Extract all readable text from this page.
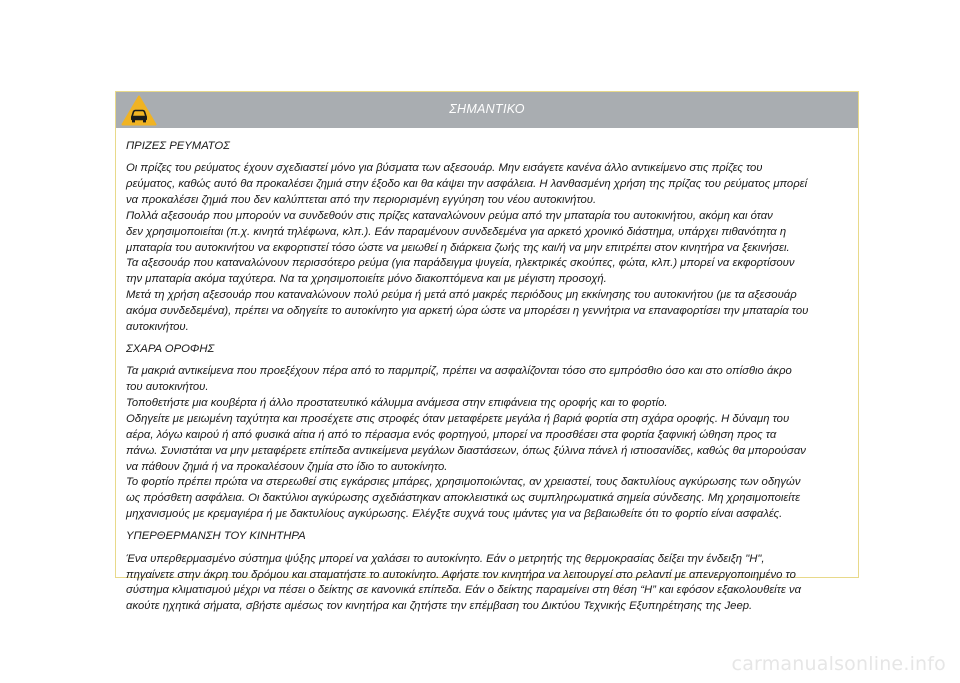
ΣΗΜΑΝΤΙΚΟ

ΠΡΙΖΕΣ ΡΕΥΜΑΤΟΣ

Οι πρίζες του ρεύματος έχουν σχεδιαστεί μόνο για βύσματα των αξεσουάρ. Μην εισάγετε κανένα άλλο αντικείμενο στις πρίζες του

ρεύματος, καθώς αυτό θα προκαλέσει ζημιά στην έξοδο και θα κάψει την ασφάλεια. Η λανθασμένη χρήση της πρίζας του ρεύματος μπορεί

να προκαλέσει ζημιά που δεν καλύπτεται από την περιορισμένη εγγύηση του νέου αυτοκινήτου.

Πολλά αξεσουάρ που μπορούν να συνδεθούν στις πρίζες καταναλώνουν ρεύμα από την μπαταρία του αυτοκινήτου, ακόμη και όταν

δεν χρησιμοποιείται (π.χ. κινητά τηλέφωνα, κλπ.). Εάν παραμένουν συνδεδεμένα για αρκετό χρονικό διάστημα, υπάρχει πιθανότητα η

μπαταρία του αυτοκινήτου να εκφορτιστεί τόσο ώστε να μειωθεί η διάρκεια ζωής της και/ή να μην επιτρέπει στον κινητήρα να ξεκινήσει.

Τα αξεσουάρ που καταναλώνουν περισσότερο ρεύμα (για παράδειγμα ψυγεία, ηλεκτρικές σκούπες, φώτα, κλπ.) μπορεί να εκφορτίσουν

την μπαταρία ακόμα ταχύτερα. Να τα χρησιμοποιείτε μόνο διακοπτόμενα και με μέγιστη προσοχή.

Μετά τη χρήση αξεσουάρ που καταναλώνουν πολύ ρεύμα ή μετά από μακρές περιόδους μη εκκίνησης του αυτοκινήτου (με τα αξεσουάρ

ακόμα συνδεδεμένα), πρέπει να οδηγείτε το αυτοκίνητο για αρκετή ώρα ώστε να μπορέσει η γεννήτρια να επαναφορτίσει την μπαταρία του

αυτοκινήτου.

ΣΧΑΡΑ ΟΡΟΦΗΣ

Τα μακριά αντικείμενα που προεξέχουν πέρα από το παρμπρίζ, πρέπει να ασφαλίζονται τόσο στο εμπρόσθιο όσο και στο οπίσθιο άκρο

του αυτοκινήτου.

Τοποθετήστε μια κουβέρτα ή άλλο προστατευτικό κάλυμμα ανάμεσα στην επιφάνεια της οροφής και το φορτίο.

Οδηγείτε με μειωμένη ταχύτητα και προσέχετε στις στροφές όταν μεταφέρετε μεγάλα ή βαριά φορτία στη σχάρα οροφής. Η δύναμη του

αέρα, λόγω καιρού ή από φυσικά αίτια ή από το πέρασμα ενός φορτηγού, μπορεί να προσθέσει στα φορτία ξαφνική ώθηση προς τα

πάνω. Συνιστάται να μην μεταφέρετε επίπεδα αντικείμενα μεγάλων διαστάσεων, όπως ξύλινα πάνελ ή ιστιοσανίδες, καθώς θα μπορούσαν

να πάθουν ζημιά ή να προκαλέσουν ζημία στο ίδιο το αυτοκίνητο.

Το φορτίο πρέπει πρώτα να στερεωθεί στις εγκάρσιες μπάρες, χρησιμοποιώντας, αν χρειαστεί, τους δακτυλίους αγκύρωσης των οδηγών

ως πρόσθετη ασφάλεια. Οι δακτύλιοι αγκύρωσης σχεδιάστηκαν αποκλειστικά ως συμπληρωματικά σημεία σύνδεσης. Μη χρησιμοποιείτε

μηχανισμούς με κρεμαγιέρα ή με δακτυλίους αγκύρωσης. Ελέγξτε συχνά τους ιμάντες για να βεβαιωθείτε ότι το φορτίο είναι ασφαλές.

ΥΠΕΡΘΕΡΜΑΝΣΗ ΤΟΥ ΚΙΝΗΤΗΡΑ

Ένα υπερθερμασμένο σύστημα ψύξης μπορεί να χαλάσει το αυτοκίνητο. Εάν ο μετρητής της θερμοκρασίας δείξει την ένδειξη "H",

πηγαίνετε στην άκρη του δρόμου και σταματήστε το αυτοκίνητο. Αφήστε τον κινητήρα να λειτουργεί στο ρελαντί με απενεργοποιημένο το

σύστημα κλιματισμού μέχρι να πέσει ο δείκτης σε κανονικά επίπεδα. Εάν ο δείκτης παραμείνει στη θέση “H” και εφόσον εξακολουθείτε να

ακούτε ηχητικά σήματα, σβήστε αμέσως τον κινητήρα και ζητήστε την επέμβαση του Δικτύου Τεχνικής Εξυπηρέτησης της Jeep.

carmanualsonline.info
